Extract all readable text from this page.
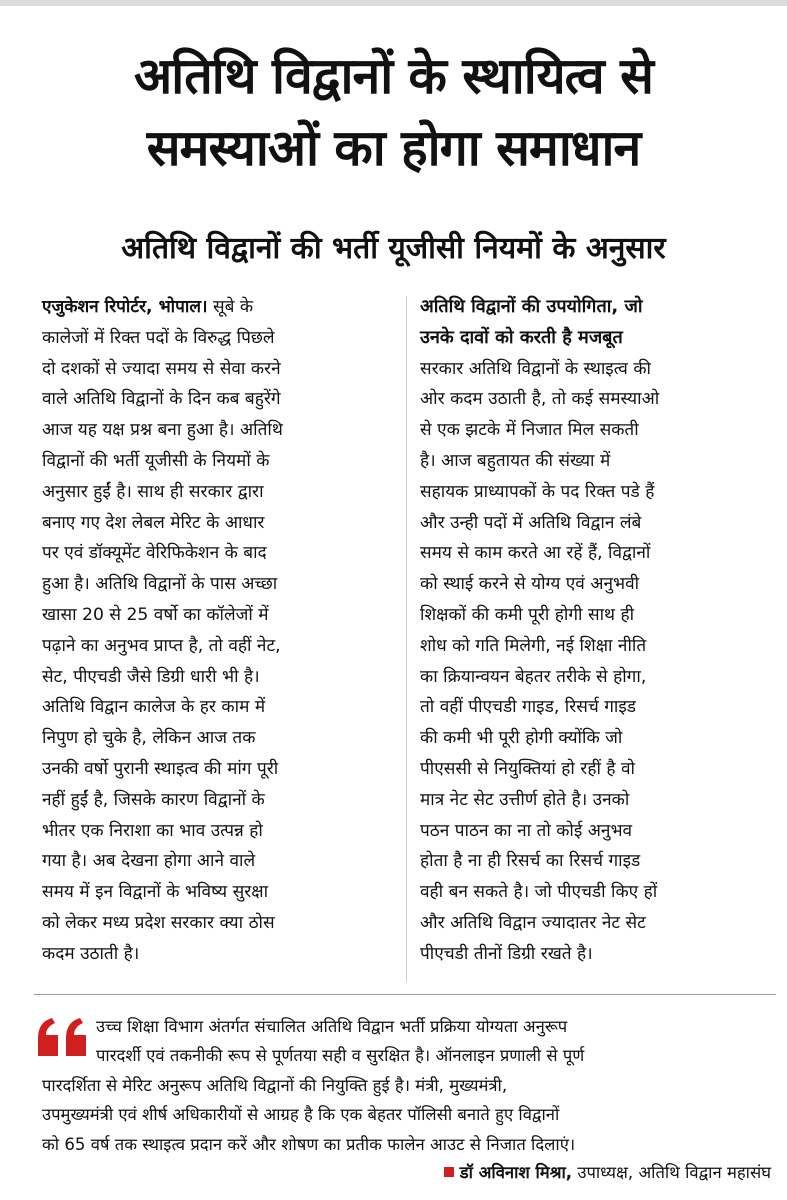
अतिथि विद्वानों के स्थायित्व से
समस्याओं का होगा समाधान
अतिथि विद्वानों की भर्ती यूजीसी नियमों के अनुसार
एजुकेशन रिपोर्टर, भोपाल। सूबे के
कालेजों में रिक्त पदों के विरुद्ध पिछले
दो दशकों से ज्यादा समय से सेवा करने
वाले अतिथि विद्वानों के दिन कब बहुरेंगे
आज यह यक्ष प्रश्न बना हुआ है। अतिथि
विद्वानों की भर्ती यूजीसी के नियमों के
अनुसार हुईं है। साथ ही सरकार द्वारा
बनाए गए देश लेबल मेरिट के आधार
पर एवं डॉक्यूमेंट वेरिफिकेशन के बाद
हुआ है। अतिथि विद्वानों के पास अच्छा
खासा 20 से 25 वर्षो का कॉलेजों में
पढ़ाने का अनुभव प्राप्त है, तो वहीं नेट,
सेट, पीएचडी जैसे डिग्री धारी भी है।
अतिथि विद्वान कालेज के हर काम में
निपुण हो चुके है, लेकिन आज तक
उनकी वर्षो पुरानी स्थाइत्व की मांग पूरी
नहीं हुईं है, जिसके कारण विद्वानों के
भीतर एक निराशा का भाव उत्पन्न हो
गया है। अब देखना होगा आने वाले
समय में इन विद्वानों के भविष्य सुरक्षा
को लेकर मध्य प्रदेश सरकार क्या ठोस
कदम उठाती है।
अतिथि विद्वानों की उपयोगिता, जो
उनके दावों को करती है मजबूत
सरकार अतिथि विद्वानों के स्थाइत्व की
ओर कदम उठाती है, तो कई समस्याओ
से एक झटके में निजात मिल सकती
है। आज बहुतायत की संख्या में
सहायक प्राध्यापकों के पद रिक्त पडे हैं
और उन्ही पदों में अतिथि विद्वान लंबे
समय से काम करते आ रहें हैं, विद्वानों
को स्थाई करने से योग्य एवं अनुभवी
शिक्षकों की कमी पूरी होगी साथ ही
शोध को गति मिलेगी, नई शिक्षा नीति
का क्रियान्वयन बेहतर तरीके से होगा,
तो वहीं पीएचडी गाइड, रिसर्च गाइड
की कमी भी पूरी होगी क्योंकि जो
पीएससी से नियुक्तियां हो रहीं है वो
मात्र नेट सेट उत्तीर्ण होते है। उनको
पठन पाठन का ना तो कोई अनुभव
होता है ना ही रिसर्च का रिसर्च गाइड
वही बन सकते है। जो पीएचडी किए हों
और अतिथि विद्वान ज्यादातर नेट सेट
पीएचडी तीनों डिग्री रखते है।
उच्च शिक्षा विभाग अंतर्गत संचालित अतिथि विद्वान भर्ती प्रक्रिया योग्यता अनुरूप
पारदर्शी एवं तकनीकी रूप से पूर्णतया सही व सुरक्षित है। ऑनलाइन प्रणाली से पूर्ण
पारदर्शिता से मेरिट अनुरूप अतिथि विद्वानों की नियुक्ति हुई है। मंत्री, मुख्यमंत्री,
उपमुख्यमंत्री एवं शीर्ष अधिकारीयों से आग्रह है कि एक बेहतर पॉलिसी बनाते हुए विद्वानों
को 65 वर्ष तक स्थाइत्व प्रदान करें और शोषण का प्रतीक फालेन आउट से निजात दिलाएं।
डॉ अविनाश मिश्रा, उपाध्यक्ष, अतिथि विद्वान महासंघ
